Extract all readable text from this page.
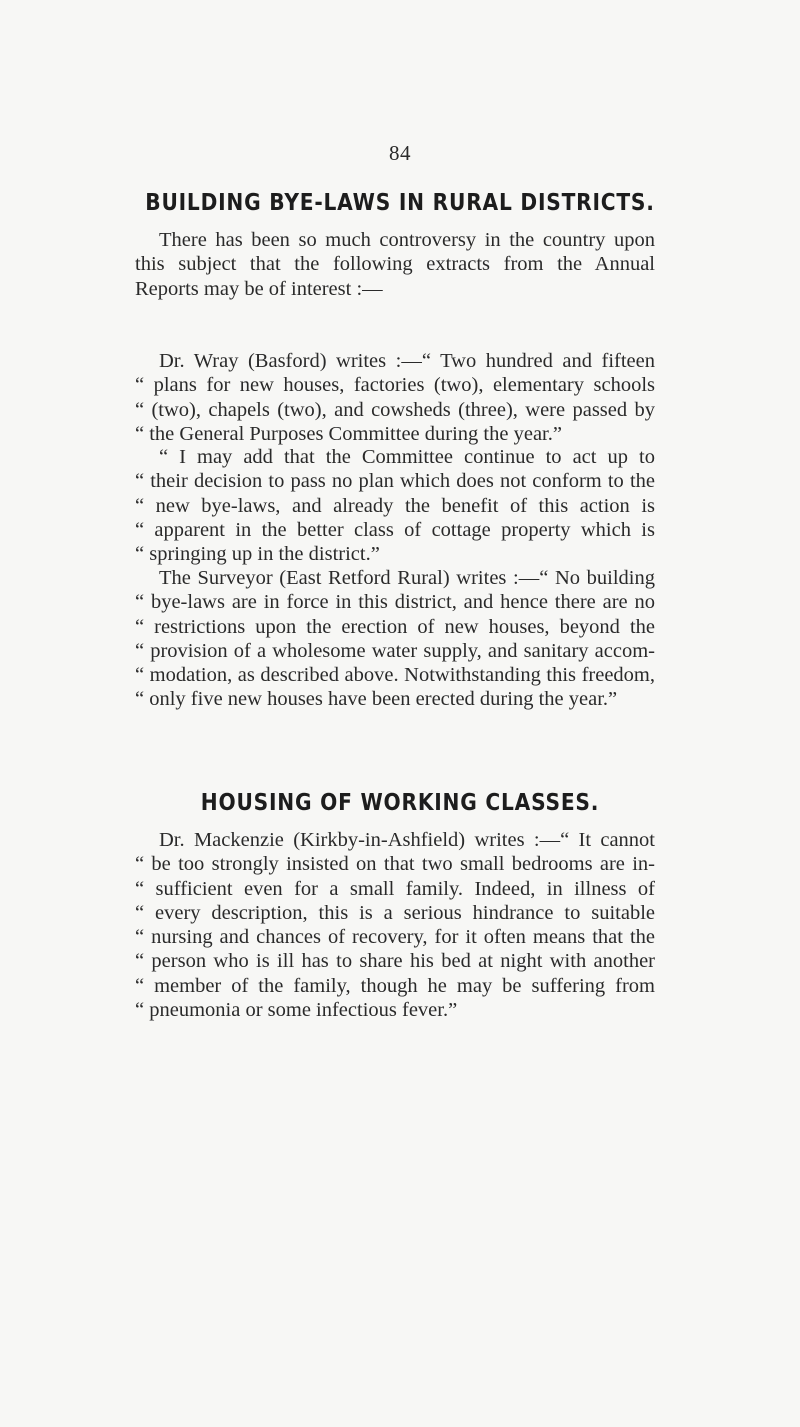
84
BUILDING BYE-LAWS IN RURAL DISTRICTS.
There has been so much controversy in the country upon
this subject that the following extracts from the Annual
Reports may be of interest :—
Dr. Wray (Basford) writes :—“ Two hundred and fifteen
“ plans for new houses, factories (two), elementary schools
“ (two), chapels (two), and cowsheds (three), were passed by
“ the General Purposes Committee during the year.”
“ I may add that the Committee continue to act up to
“ their decision to pass no plan which does not conform to the
“ new bye-laws, and already the benefit of this action is
“ apparent in the better class of cottage property which is
“ springing up in the district.”
The Surveyor (East Retford Rural) writes :—“ No building
“ bye-laws are in force in this district, and hence there are no
“ restrictions upon the erection of new houses, beyond the
“ provision of a wholesome water supply, and sanitary accom-
“ modation, as described above. Notwithstanding this freedom,
“ only five new houses have been erected during the year.”
HOUSING OF WORKING CLASSES.
Dr. Mackenzie (Kirkby-in-Ashfield) writes :—“ It cannot
“ be too strongly insisted on that two small bedrooms are in-
“ sufficient even for a small family. Indeed, in illness of
“ every description, this is a serious hindrance to suitable
“ nursing and chances of recovery, for it often means that the
“ person who is ill has to share his bed at night with another
“ member of the family, though he may be suffering from
“ pneumonia or some infectious fever.”
